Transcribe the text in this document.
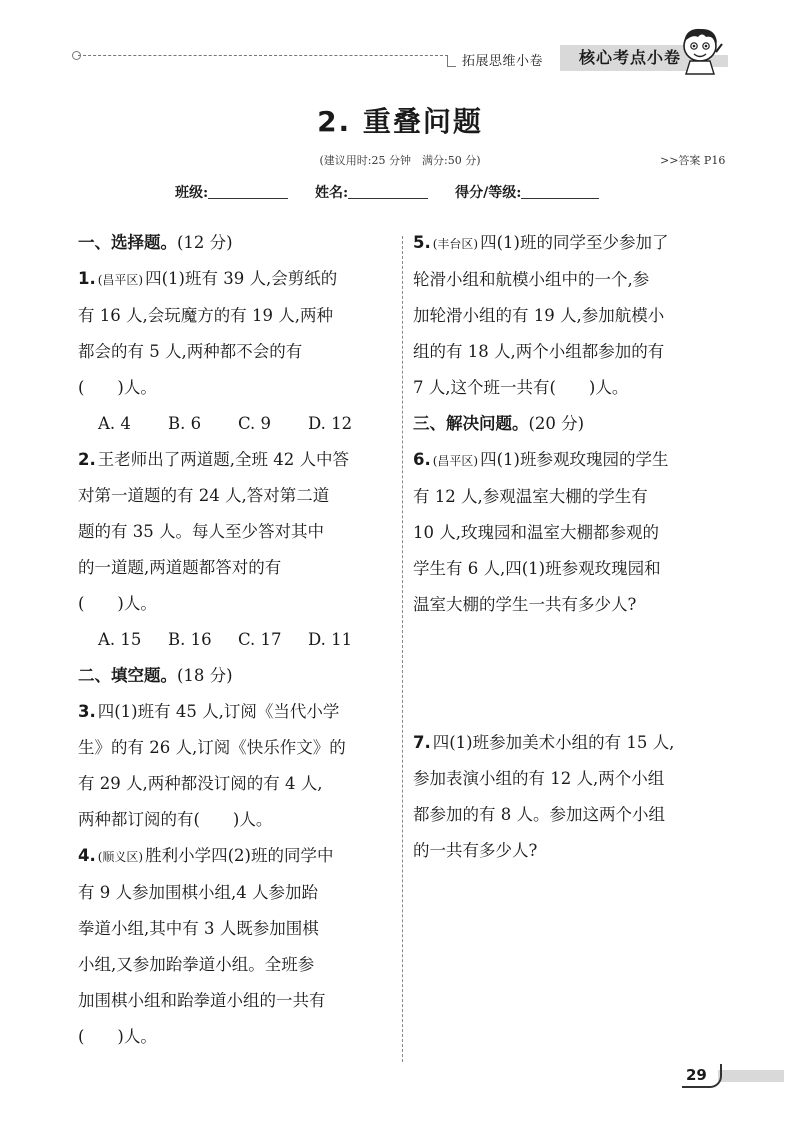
拓展思维小卷	核心考点小卷
2. 重叠问题
(建议用时:25 分钟　满分:50 分)	>>答案 P16
班级:	姓名:	得分/等级:
一、选择题。(12 分)
1. (昌平区) 四(1)班有 39 人,会剪纸的
有 16 人,会玩魔方的有 19 人,两种
都会的有 5 人,两种都不会的有
(　　)人。
A. 4	B. 6	C. 9	D. 12
2. 王老师出了两道题,全班 42 人中答
对第一道题的有 24 人,答对第二道
题的有 35 人。每人至少答对其中
的一道题,两道题都答对的有
(　　)人。
A. 15	B. 16	C. 17	D. 11
二、填空题。(18 分)
3. 四(1)班有 45 人,订阅《当代小学
生》的有 26 人,订阅《快乐作文》的
有 29 人,两种都没订阅的有 4 人,
两种都订阅的有(　　)人。
4. (顺义区) 胜利小学四(2)班的同学中
有 9 人参加围棋小组,4 人参加跆
拳道小组,其中有 3 人既参加围棋
小组,又参加跆拳道小组。全班参
加围棋小组和跆拳道小组的一共有
(　　)人。
5. (丰台区) 四(1)班的同学至少参加了
轮滑小组和航模小组中的一个,参
加轮滑小组的有 19 人,参加航模小
组的有 18 人,两个小组都参加的有
7 人,这个班一共有(　　)人。
三、解决问题。(20 分)
6. (昌平区) 四(1)班参观玫瑰园的学生
有 12 人,参观温室大棚的学生有
10 人,玫瑰园和温室大棚都参观的
学生有 6 人,四(1)班参观玫瑰园和
温室大棚的学生一共有多少人?
7. 四(1)班参加美术小组的有 15 人,
参加表演小组的有 12 人,两个小组
都参加的有 8 人。参加这两个小组
的一共有多少人?
29
